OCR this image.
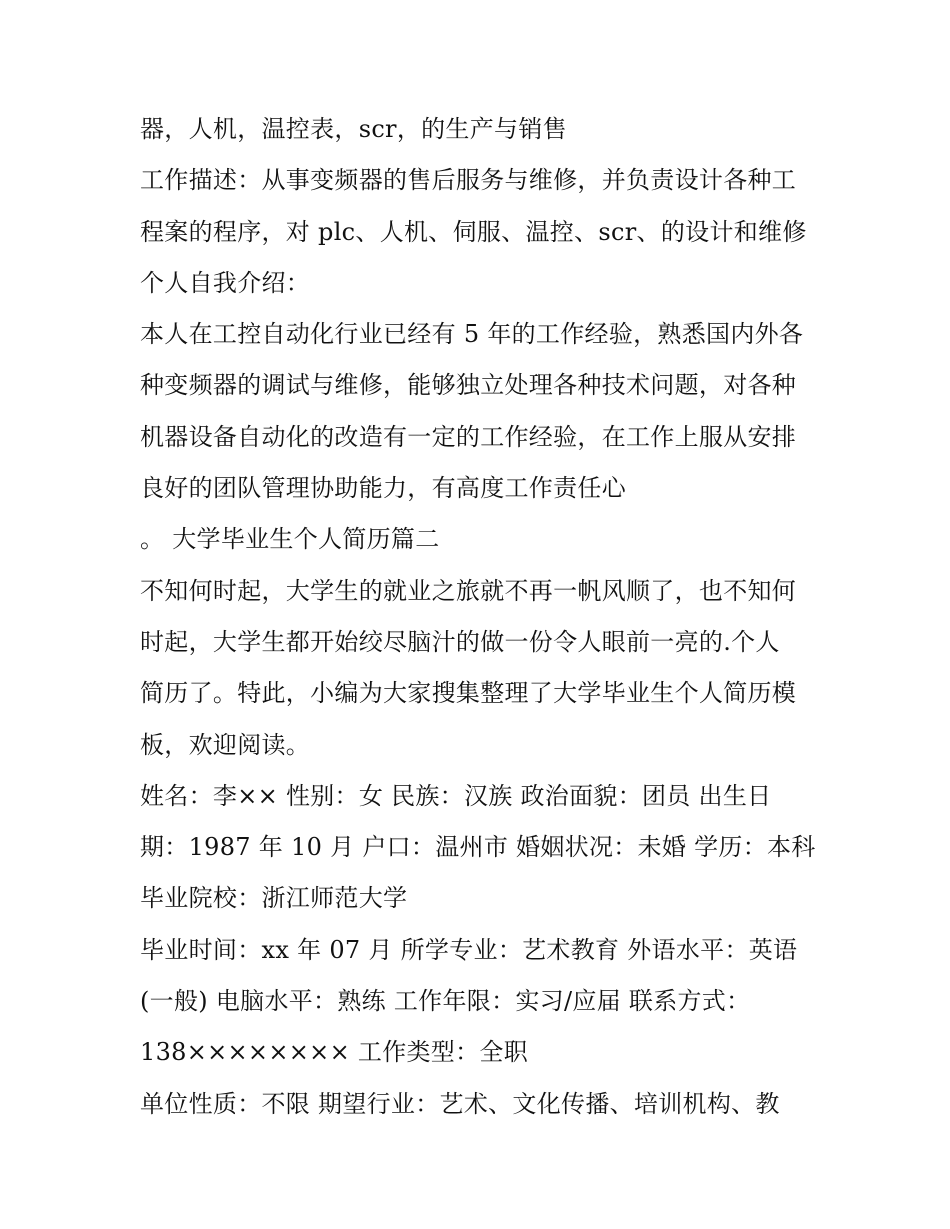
器，人机，温控表，scr，的生产与销售
工作描述：从事变频器的售后服务与维修，并负责设计各种工
程案的程序，对 plc、人机、伺服、温控、scr、的设计和维修
个人自我介绍：
本人在工控自动化行业已经有 5 年的工作经验，熟悉国内外各
种变频器的调试与维修，能够独立处理各种技术问题，对各种
机器设备自动化的改造有一定的工作经验，在工作上服从安排
良好的团队管理协助能力，有高度工作责任心
。 大学毕业生个人简历篇二
不知何时起，大学生的就业之旅就不再一帆风顺了，也不知何
时起，大学生都开始绞尽脑汁的做一份令人眼前一亮的.个人
简历了。特此，小编为大家搜集整理了大学毕业生个人简历模
板，欢迎阅读。
姓名：李×× 性别：女 民族：汉族 政治面貌：团员 出生日
期：1987 年 10 月 户口：温州市 婚姻状况：未婚 学历：本科
毕业院校：浙江师范大学
毕业时间：xx 年 07 月 所学专业：艺术教育 外语水平：英语
(一般) 电脑水平：熟练 工作年限：实习/应届 联系方式：
138×××××××× 工作类型：全职
单位性质：不限 期望行业：艺术、文化传播、培训机构、教
